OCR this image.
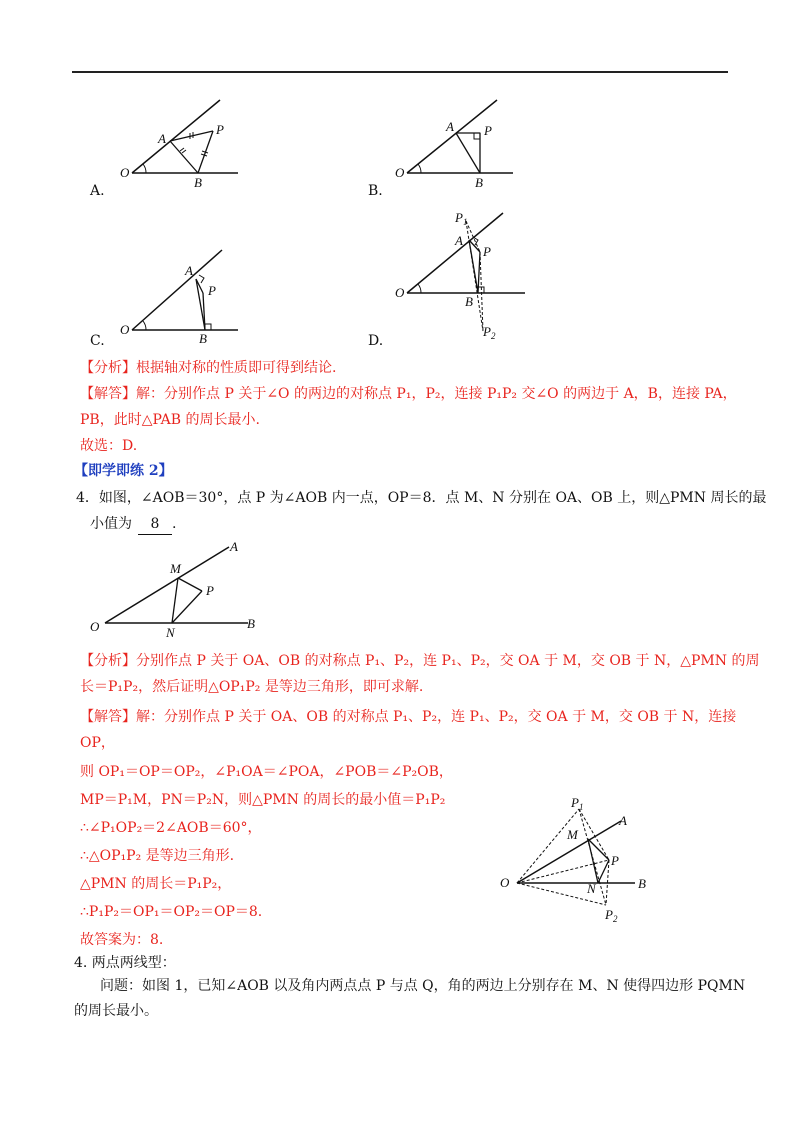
O
A
P
B
A.
O
A P
B
B.
O
A
P
B
C.
P 1
A
P
O
B
P 2
D.
【分析】根据轴对称的性质即可得到结论.
【解答】解：分别作点 P 关于∠O 的两边的对称点 P₁，P₂，连接 P₁P₂ 交∠O 的两边于 A，B，连接 PA，
PB，此时△PAB 的周长最小.
故选：D.
【即学即练 2】
4．如图，∠AOB＝30°，点 P 为∠AOB 内一点，OP＝8．点 M、N 分别在 OA、OB 上，则△PMN 周长的最
小值为 8 .
O
A
M
P
N
B
【分析】分别作点 P 关于 OA、OB 的对称点 P₁、P₂，连 P₁、P₂，交 OA 于 M，交 OB 于 N，△PMN 的周
长＝P₁P₂，然后证明△OP₁P₂ 是等边三角形，即可求解.
【解答】解：分别作点 P 关于 OA、OB 的对称点 P₁、P₂，连 P₁、P₂，交 OA 于 M，交 OB 于 N，连接
OP，
则 OP₁＝OP＝OP₂，∠P₁OA＝∠POA，∠POB＝∠P₂OB，
MP＝P₁M，PN＝P₂N，则△PMN 的周长的最小值＝P₁P₂
∴∠P₁OP₂＝2∠AOB＝60°，
∴△OP₁P₂ 是等边三角形.
△PMN 的周长＝P₁P₂，
∴P₁P₂＝OP₁＝OP₂＝OP＝8.
故答案为：8.
P 1
A
M
P
O	N	B
P 2
4. 两点两线型：
问题：如图 1，已知∠AOB 以及角内两点点 P 与点 Q，角的两边上分别存在 M、N 使得四边形 PQMN
的周长最小。
